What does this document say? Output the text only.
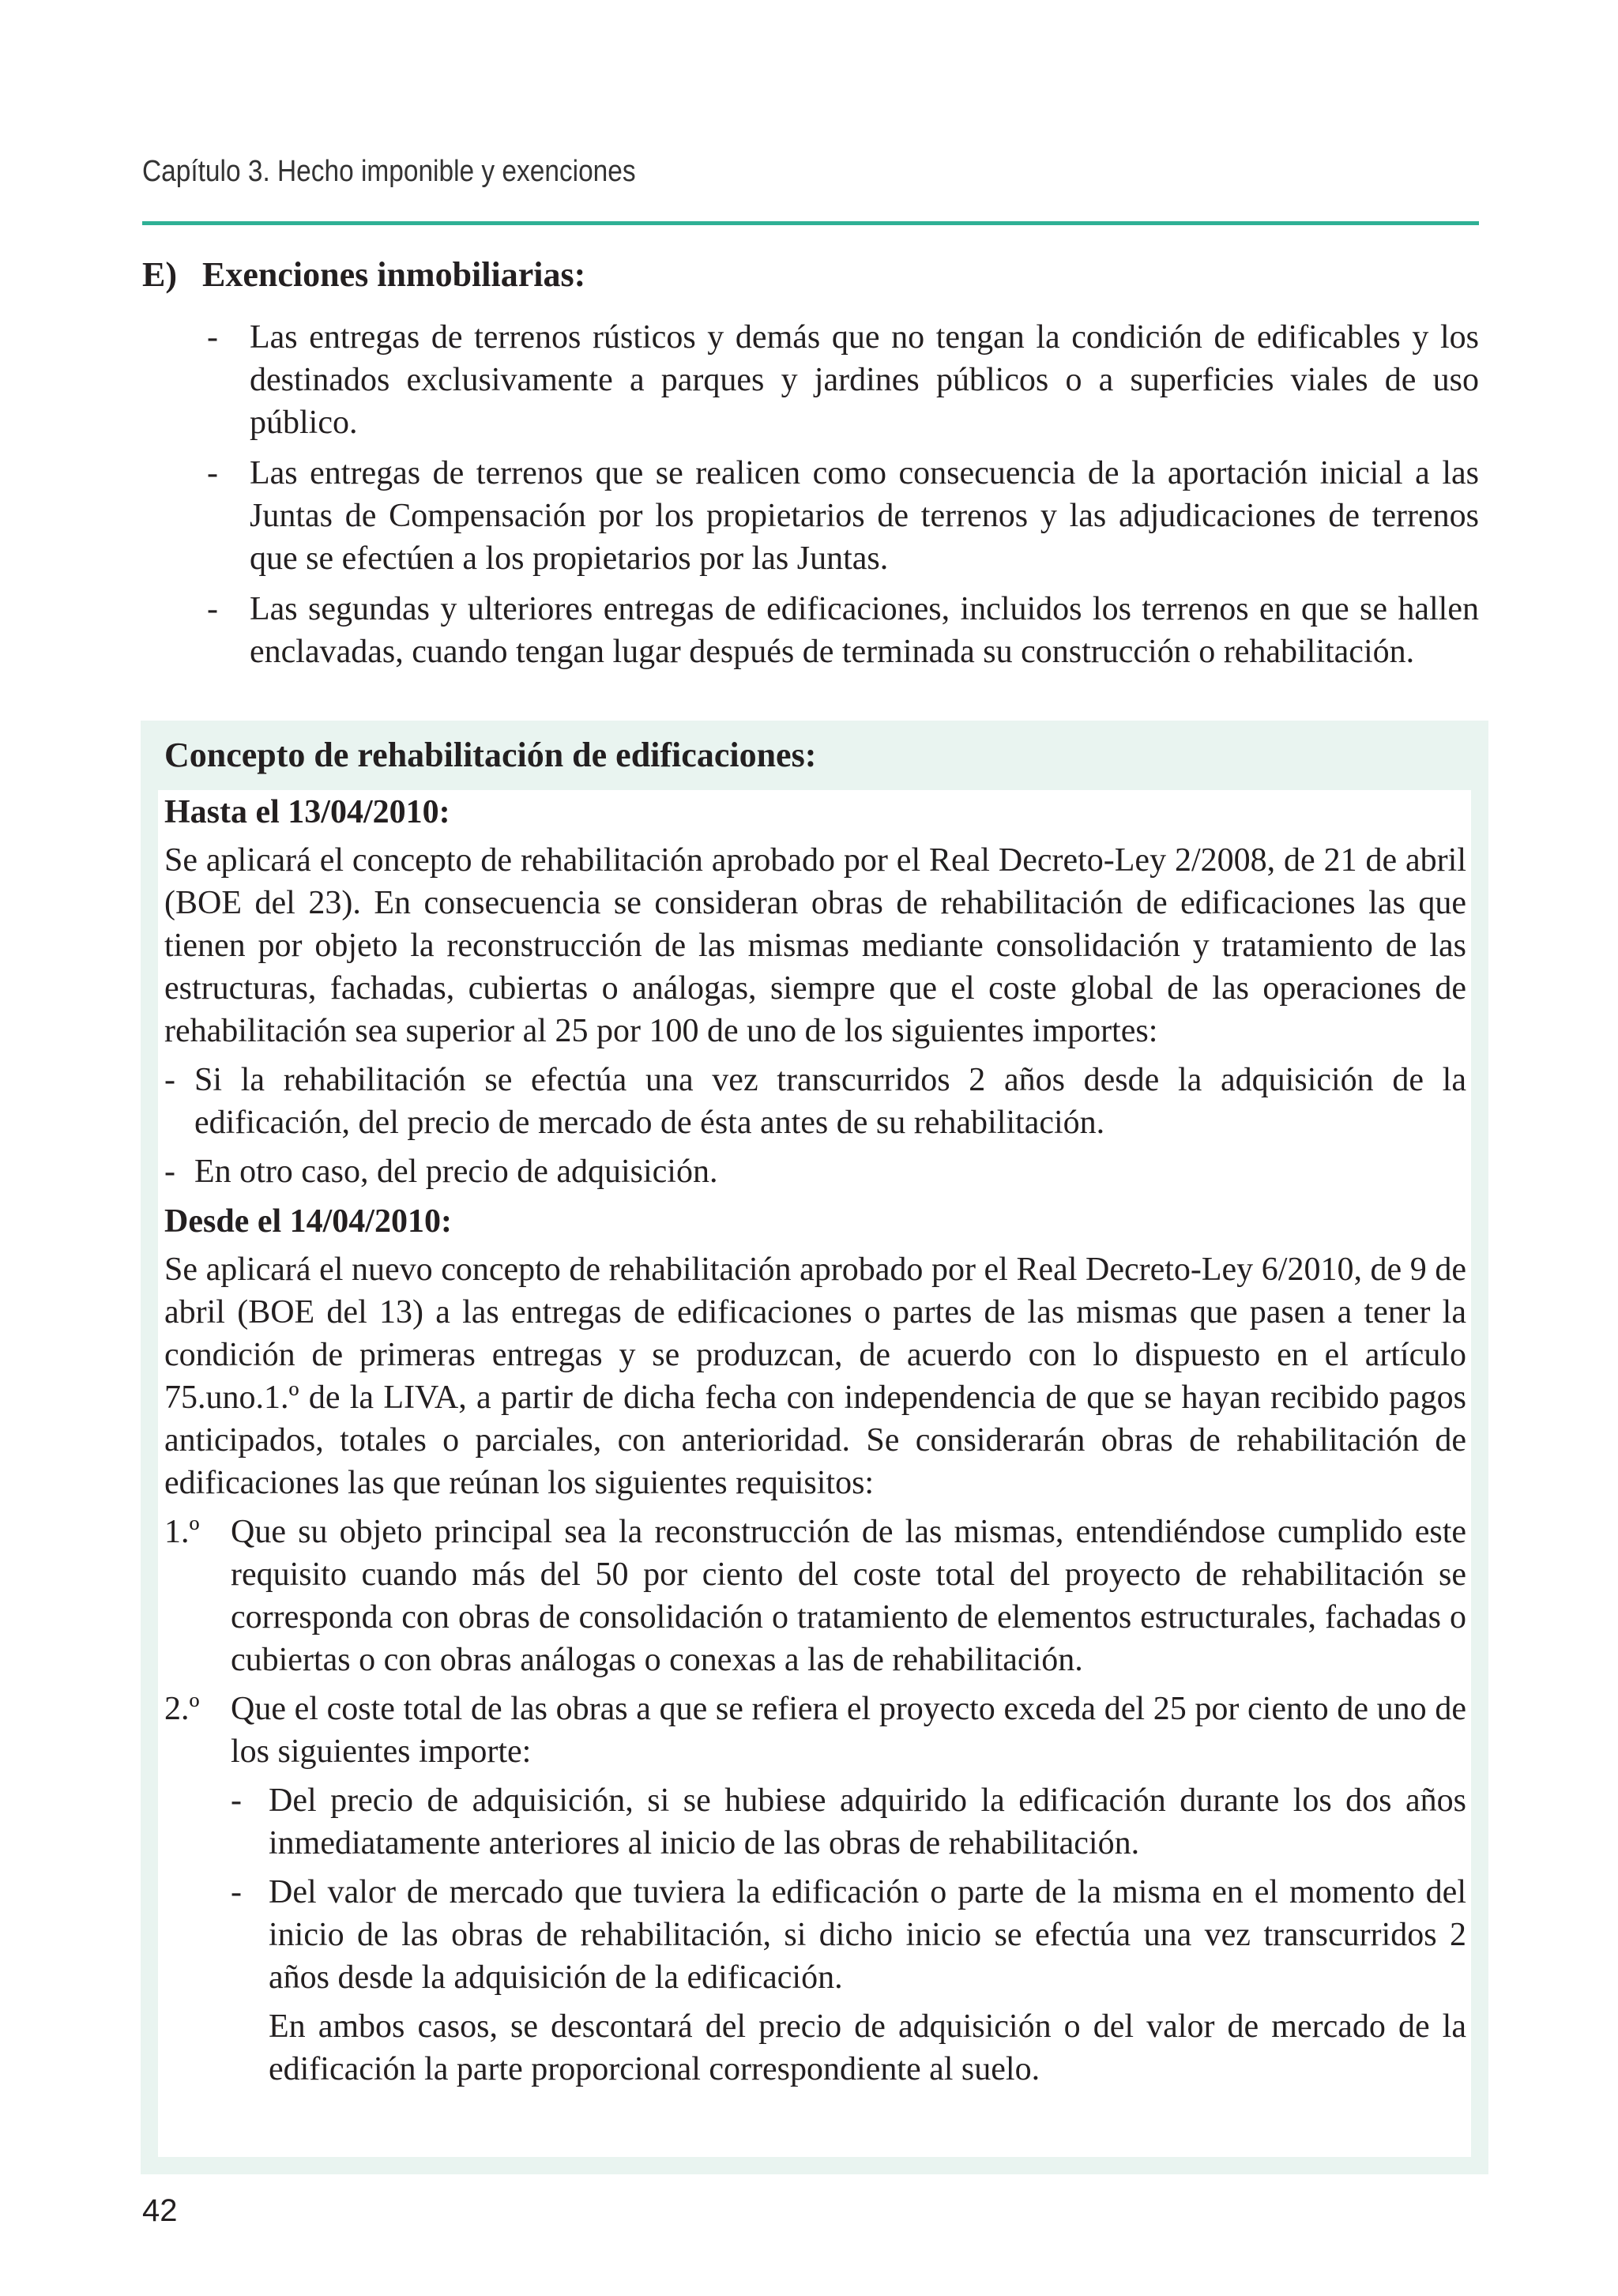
Capítulo 3. Hecho imponible y exenciones
E) Exenciones inmobiliarias:
- Las entregas de terrenos rústicos y demás que no tengan la condición de edificables y los destinados exclusivamente a parques y jardines públicos o a superficies viales de uso público.
- Las entregas de terrenos que se realicen como consecuencia de la aportación inicial a las Juntas de Compensación por los propietarios de terrenos y las adjudicaciones de terrenos que se efectúen a los propietarios por las Juntas.
- Las segundas y ulteriores entregas de edificaciones, incluidos los terrenos en que se hallen enclavadas, cuando tengan lugar después de terminada su construcción o rehabilitación.
Concepto de rehabilitación de edificaciones:

Hasta el 13/04/2010:

Se aplicará el concepto de rehabilitación aprobado por el Real Decreto-Ley 2/2008, de 21 de abril (BOE del 23). En consecuencia se consideran obras de rehabilitación de edificaciones las que tienen por objeto la reconstrucción de las mismas mediante consolidación y tratamiento de las estructuras, fachadas, cubiertas o análogas, siempre que el coste global de las operaciones de rehabilitación sea superior al 25 por 100 de uno de los siguientes importes:

- Si la rehabilitación se efectúa una vez transcurridos 2 años desde la adquisición de la edificación, del precio de mercado de ésta antes de su rehabilitación.

- En otro caso, del precio de adquisición.

Desde el 14/04/2010:

Se aplicará el nuevo concepto de rehabilitación aprobado por el Real Decreto-Ley 6/2010, de 9 de abril (BOE del 13) a las entregas de edificaciones o partes de las mismas que pasen a tener la condición de primeras entregas y se produzcan, de acuerdo con lo dispuesto en el artículo 75.uno.1.º de la LIVA, a partir de dicha fecha con independencia de que se hayan recibido pagos anticipados, totales o parciales, con anterioridad. Se considerarán obras de rehabilitación de edificaciones las que reúnan los siguientes requisitos:

1.º Que su objeto principal sea la reconstrucción de las mismas, entendiéndose cumplido este requisito cuando más del 50 por ciento del coste total del proyecto de rehabilitación se corresponda con obras de consolidación o tratamiento de elementos estructurales, fachadas o cubiertas o con obras análogas o conexas a las de rehabilitación.
2.º Que el coste total de las obras a que se refiera el proyecto exceda del 25 por ciento de uno de los siguientes importe:

- Del precio de adquisición, si se hubiese adquirido la edificación durante los dos años inmediatamente anteriores al inicio de las obras de rehabilitación.

- Del valor de mercado que tuviera la edificación o parte de la misma en el momento del inicio de las obras de rehabilitación, si dicho inicio se efectúa una vez transcurridos 2 años desde la adquisición de la edificación.

En ambos casos, se descontará del precio de adquisición o del valor de mercado de la edificación la parte proporcional correspondiente al suelo.

42
